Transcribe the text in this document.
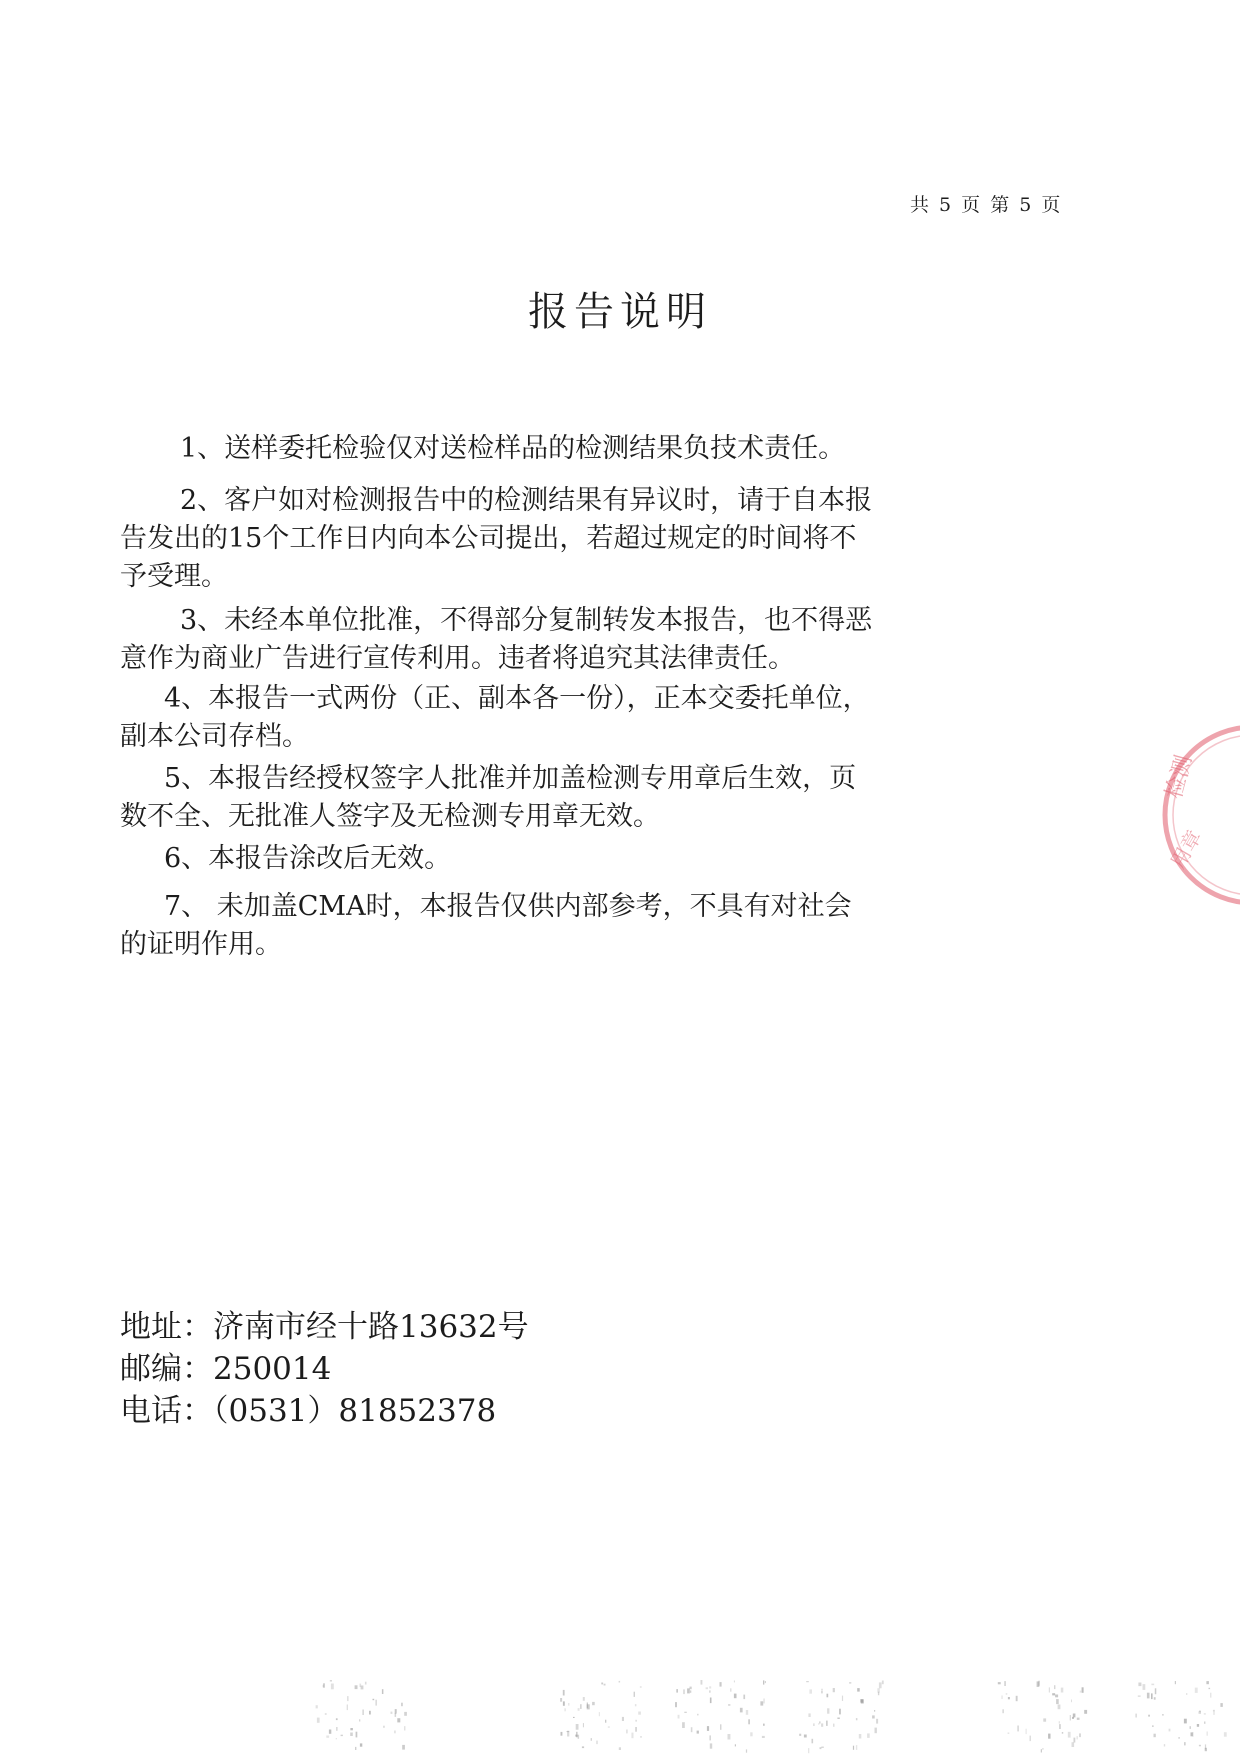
共 5 页 第 5 页
报告说明
1、送样委托检验仅对送检样品的检测结果负技术责任。
2、客户如对检测报告中的检测结果有异议时，请于自本报
告发出的15个工作日内向本公司提出，若超过规定的时间将不
予受理。
3、未经本单位批准，不得部分复制转发本报告，也不得恶
意作为商业广告进行宣传利用。违者将追究其法律责任。
4、本报告一式两份（正、副本各一份），正本交委托单位，
副本公司存档。
5、本报告经授权签字人批准并加盖检测专用章后生效，页
数不全、无批准人签字及无检测专用章无效。
6、本报告涂改后无效。
7、 未加盖CMA时，本报告仅供内部参考，不具有对社会
的证明作用。
地址：济南市经十路13632号
邮编：250014
电话：（0531）81852378
检测
用章
